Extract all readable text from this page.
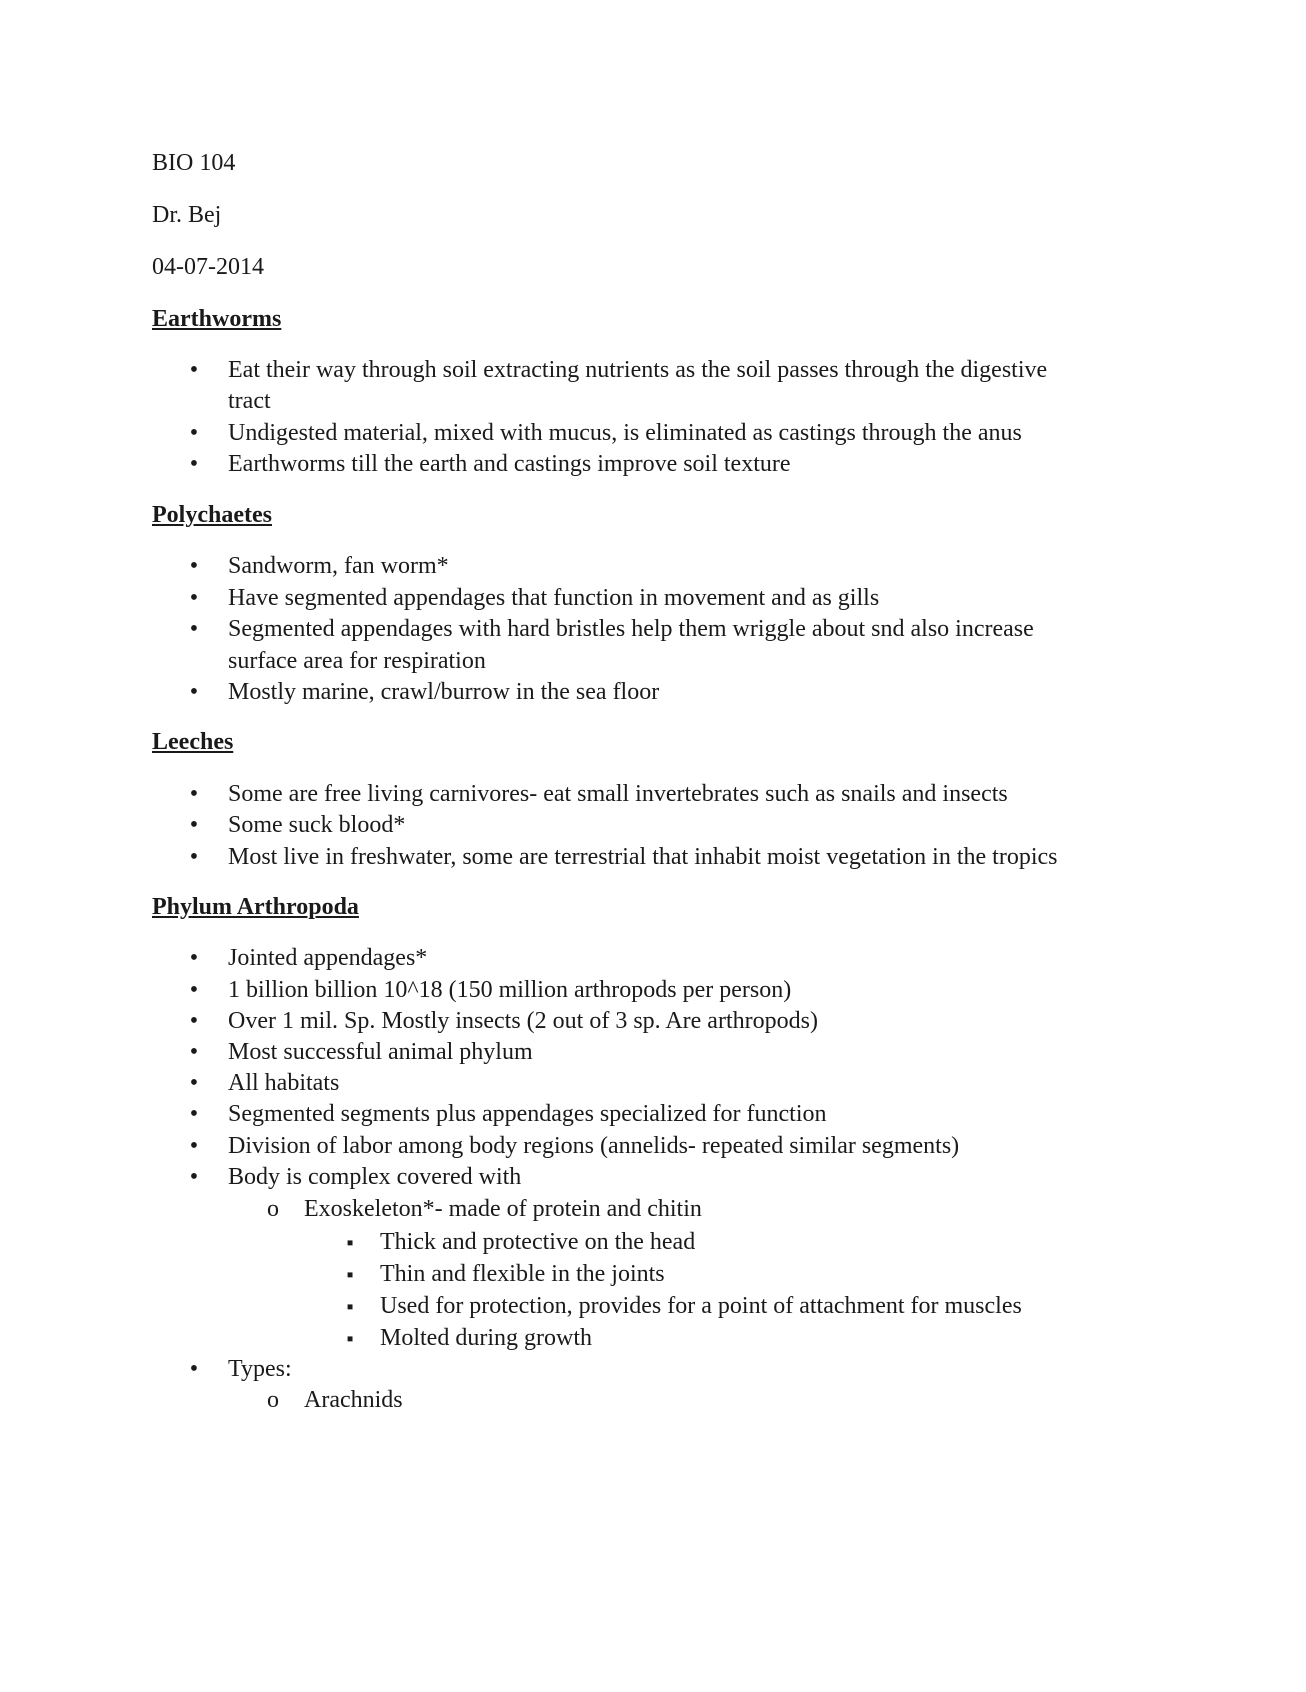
BIO 104
Dr. Bej
04-07-2014
Earthworms
•
Eat their way through soil extracting nutrients as the soil passes through the digestive
tract
•
Undigested material, mixed with mucus, is eliminated as castings through the anus
•
Earthworms till the earth and castings improve soil texture
Polychaetes
•
Sandworm, fan worm*
•
Have segmented appendages that function in movement and as gills
•
Segmented appendages with hard bristles help them wriggle about snd also increase
surface area for respiration
•
Mostly marine, crawl/burrow in the sea floor
Leeches
•
Some are free living carnivores- eat small invertebrates such as snails and insects
•
Some suck blood*
•
Most live in freshwater, some are terrestrial that inhabit moist vegetation in the tropics
Phylum Arthropoda
•
Jointed appendages*
•
1 billion billion 10^18 (150 million arthropods per person)
•
Over 1 mil. Sp. Mostly insects (2 out of 3 sp. Are arthropods)
•
Most successful animal phylum
•
All habitats
•
Segmented segments plus appendages specialized for function
•
Division of labor among body regions (annelids- repeated similar segments)
•
Body is complex covered with
o
Exoskeleton*- made of protein and chitin
▪
Thick and protective on the head
▪
Thin and flexible in the joints
▪
Used for protection, provides for a point of attachment for muscles
▪
Molted during growth
•
Types:
o
Arachnids
